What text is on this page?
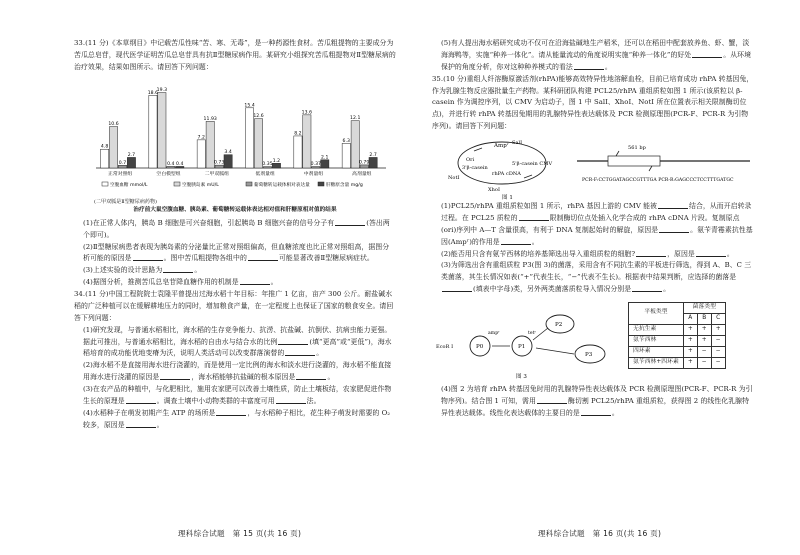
33.(11 分)《本草纲目》中记载苦瓜性味“苦、寒、无毒”，是一种药源性食材。苦瓜粗提物的主要成分为苦瓜总皂苷，现代医学证明苦瓜总皂苷具有抗Ⅱ型糖尿病作用。某研究小组探究苦瓜粗提物对Ⅱ型糖尿病的治疗效果，结果如图所示。请回答下列问题：

4.8
10.6
0.7
2.7
正常对照组
18.6
19.3
0.4 0.4
空白模型组
7.2
11.93
0.73
3.4
二甲双胍组
15.4
12.6
0.35
1.2
低剂量组
8.2
13.6
0.37
2.1
中剂量组
6.3
12.1
0.79
2.7
高剂量组
空腹血糖 mmol/L	空腹胰岛素 mU/L	葡萄糖转运载体相对表达量	肝糖原含量 mg/g
(二甲双胍是Ⅱ型糖尿病药物)
治疗前大鼠空腹血糖、胰岛素、葡萄糖转运载体表达相对值和肝糖原相对值的结果

(1)在正常人体内，胰岛 B 细胞是可兴奋细胞，引起胰岛 B 细胞兴奋的信号分子有	(答出两个即可)。

(2)Ⅱ型糖尿病患者表现为胰岛素的分泌量比正常对照组偏高，但血糖浓度也比正常对照组高，据图分析可能的原因是	。图中苦瓜粗提物各组中的	可能显著改善Ⅱ型糖尿病症状。

(3)上述实验的设计思路为	。

(4)据图分析，推测苦瓜总皂苷降血糖作用的机制是	。

34.(11 分)中国工程院院士袁隆平曾提出过海水稻十年目标：年推广 1 亿亩，亩产 300 公斤。耐盐碱水稻的广泛种植可以在缓解耕地压力的同时，增加粮食产量，在一定程度上也保证了国家的粮食安全。请回答下列问题：

(1)研究发现，与普通水稻相比，海水稻的生存竞争能力、抗涝、抗盐碱、抗倒伏、抗病虫能力更强。据此可推出，与普通水稻相比，海水稻的自由水与结合水的比例	(填“更高”或“更低”)，海水稻培育的成功能优地变瘠为沃，说明人类活动可以改变群落演替的	。

(2)海水稻不是直接用海水进行浇灌的，而是使用一定比例的海水和淡水进行浇灌的，海水稻不能直接用海水进行浇灌的原因是	，海水稻能够抗盐碱的根本原因是	。

(3)在农产品的种植中，与化肥相比，施用农家肥可以改善土壤性质，防止土壤板结，农家肥促进作物生长的原理是	。调查土壤中小动物类群的丰富度可用	法。

(4)水稻种子在萌发初期产生 ATP 的场所是	，与水稻种子相比，花生种子萌发时需要的 O₂ 较多，原因是	。

理科综合试题　第 15 页(共 16 页)

(5)有人提出海水稻研究成功不仅可在沿海盐碱地生产稻米，还可以在稻田中配套放养鱼、虾、蟹，淡海海鸭等，实施“种养一体化”。请从能量流动的角度说明实施“种养一体化”的好处	。从环境保护的角度分析，你对这种种养模式的看法	。

35.(10 分)重组人纤溶酶原激活剂(rhPA)能够高效特异性地溶解血栓，目前已培育成功 rhPA 转基因兔，作为乳腺生物反应器批量生产药物。某科研团队构建 PCL25/rhPA 重组质粒如图 1 所示(该质粒以 β-casein 作为调控序列，以 CMV 为启动子，图 1 中 SalI、XhoI、NotI 所在位置表示相关限制酶切位点)，并进行转 rhPA 转基因兔期用的乳腺特异性表达载体及 PCR 检测原理图(PCR-F、PCR-R 为引物序列)。请回答下列问题：

Ampʳ
Ori
3'β-casein
rhPA cDNA
5'β-casein CMV
NotI
XhoI
SalI
561 bp
PCR-F:CCTGGATAGCCGTTTGA PCR-R:GAGCCCTCCTTTGATGC
图 1

(1)PCL25/rhPA 重组质粒如图 1 所示，rhPA 基因上游的 CMV 能被	结合，从而开启转录过程。在 PCL25 质粒的	限制酶切位点处插入化学合成的 rhPA cDNA 片段。复制原点(ori)序列中 A—T 含量很高，有利于 DNA 复制起始时的解旋，原因是	。氨苄青霉素抗性基因(Ampʳ)的作用是	。

(2)能否用只含有氨苄西林的培养基筛选出导入重组质粒的细胞?	，原因是	。

(3)为筛选出含有重组质粒 P3(图 3)的菌落，采用含有不同抗生素的平板进行筛选，得到 A、B、C 三类菌落，其生长情况如表(“+”代表生长，“−”代表不生长)。根据表中结果判断，应选择的菌落是(填表中字母)类，另外两类菌落质粒导入情况分别是	。

P0
EcoR I	P1
P2
P3
ampʳ	tetʳ
图 3
平板类型	菌落类型		
	A	B	C
无抗生素	+	+	+
氨苄西林	+	+	−
四环素	+	−	−
氨苄西林+四环素	+	−	−

(4)图 2 为培育 rhPA 转基因兔时用的乳腺特异性表达载体及 PCR 检测原理图(PCR-F、PCR-R 为引物序列)。结合图 1 可知，需用	酶切割 PCL25/rhPA 重组质粒，获得图 2 的线性化乳腺特异性表达载体。线性化表达载体的主要目的是	。

理科综合试题　第 16 页(共 16 页)
